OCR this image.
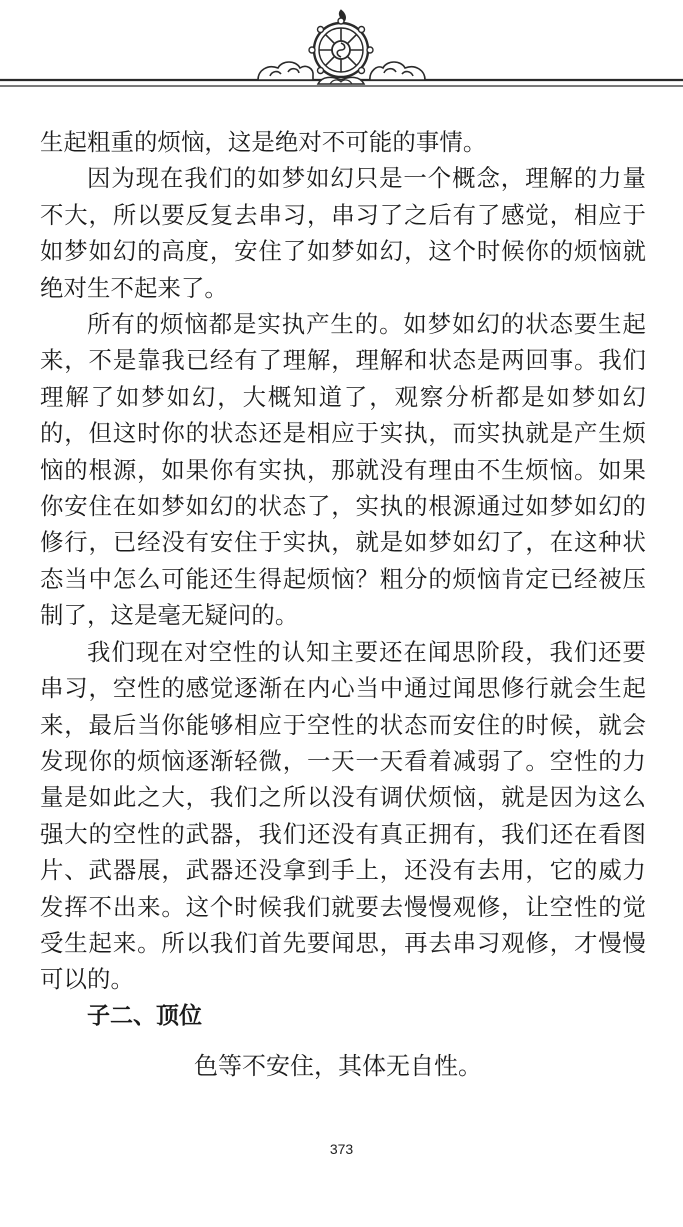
生起粗重的烦恼，这是绝对不可能的事情。

因为现在我们的如梦如幻只是一个概念，理解的力量不大，所以要反复去串习，串习了之后有了感觉，相应于如梦如幻的高度，安住了如梦如幻，这个时候你的烦恼就绝对生不起来了。

所有的烦恼都是实执产生的。如梦如幻的状态要生起来，不是靠我已经有了理解，理解和状态是两回事。我们理解了如梦如幻，大概知道了，观察分析都是如梦如幻的，但这时你的状态还是相应于实执，而实执就是产生烦恼的根源，如果你有实执，那就没有理由不生烦恼。如果你安住在如梦如幻的状态了，实执的根源通过如梦如幻的修行，已经没有安住于实执，就是如梦如幻了，在这种状态当中怎么可能还生得起烦恼？粗分的烦恼肯定已经被压制了，这是毫无疑问的。

我们现在对空性的认知主要还在闻思阶段，我们还要串习，空性的感觉逐渐在内心当中通过闻思修行就会生起来，最后当你能够相应于空性的状态而安住的时候，就会发现你的烦恼逐渐轻微，一天一天看着减弱了。空性的力量是如此之大，我们之所以没有调伏烦恼，就是因为这么强大的空性的武器，我们还没有真正拥有，我们还在看图片、武器展，武器还没拿到手上，还没有去用，它的威力发挥不出来。这个时候我们就要去慢慢观修，让空性的觉受生起来。所以我们首先要闻思，再去串习观修，才慢慢可以的。

子二、顶位

色等不安住，其体无自性。

373
